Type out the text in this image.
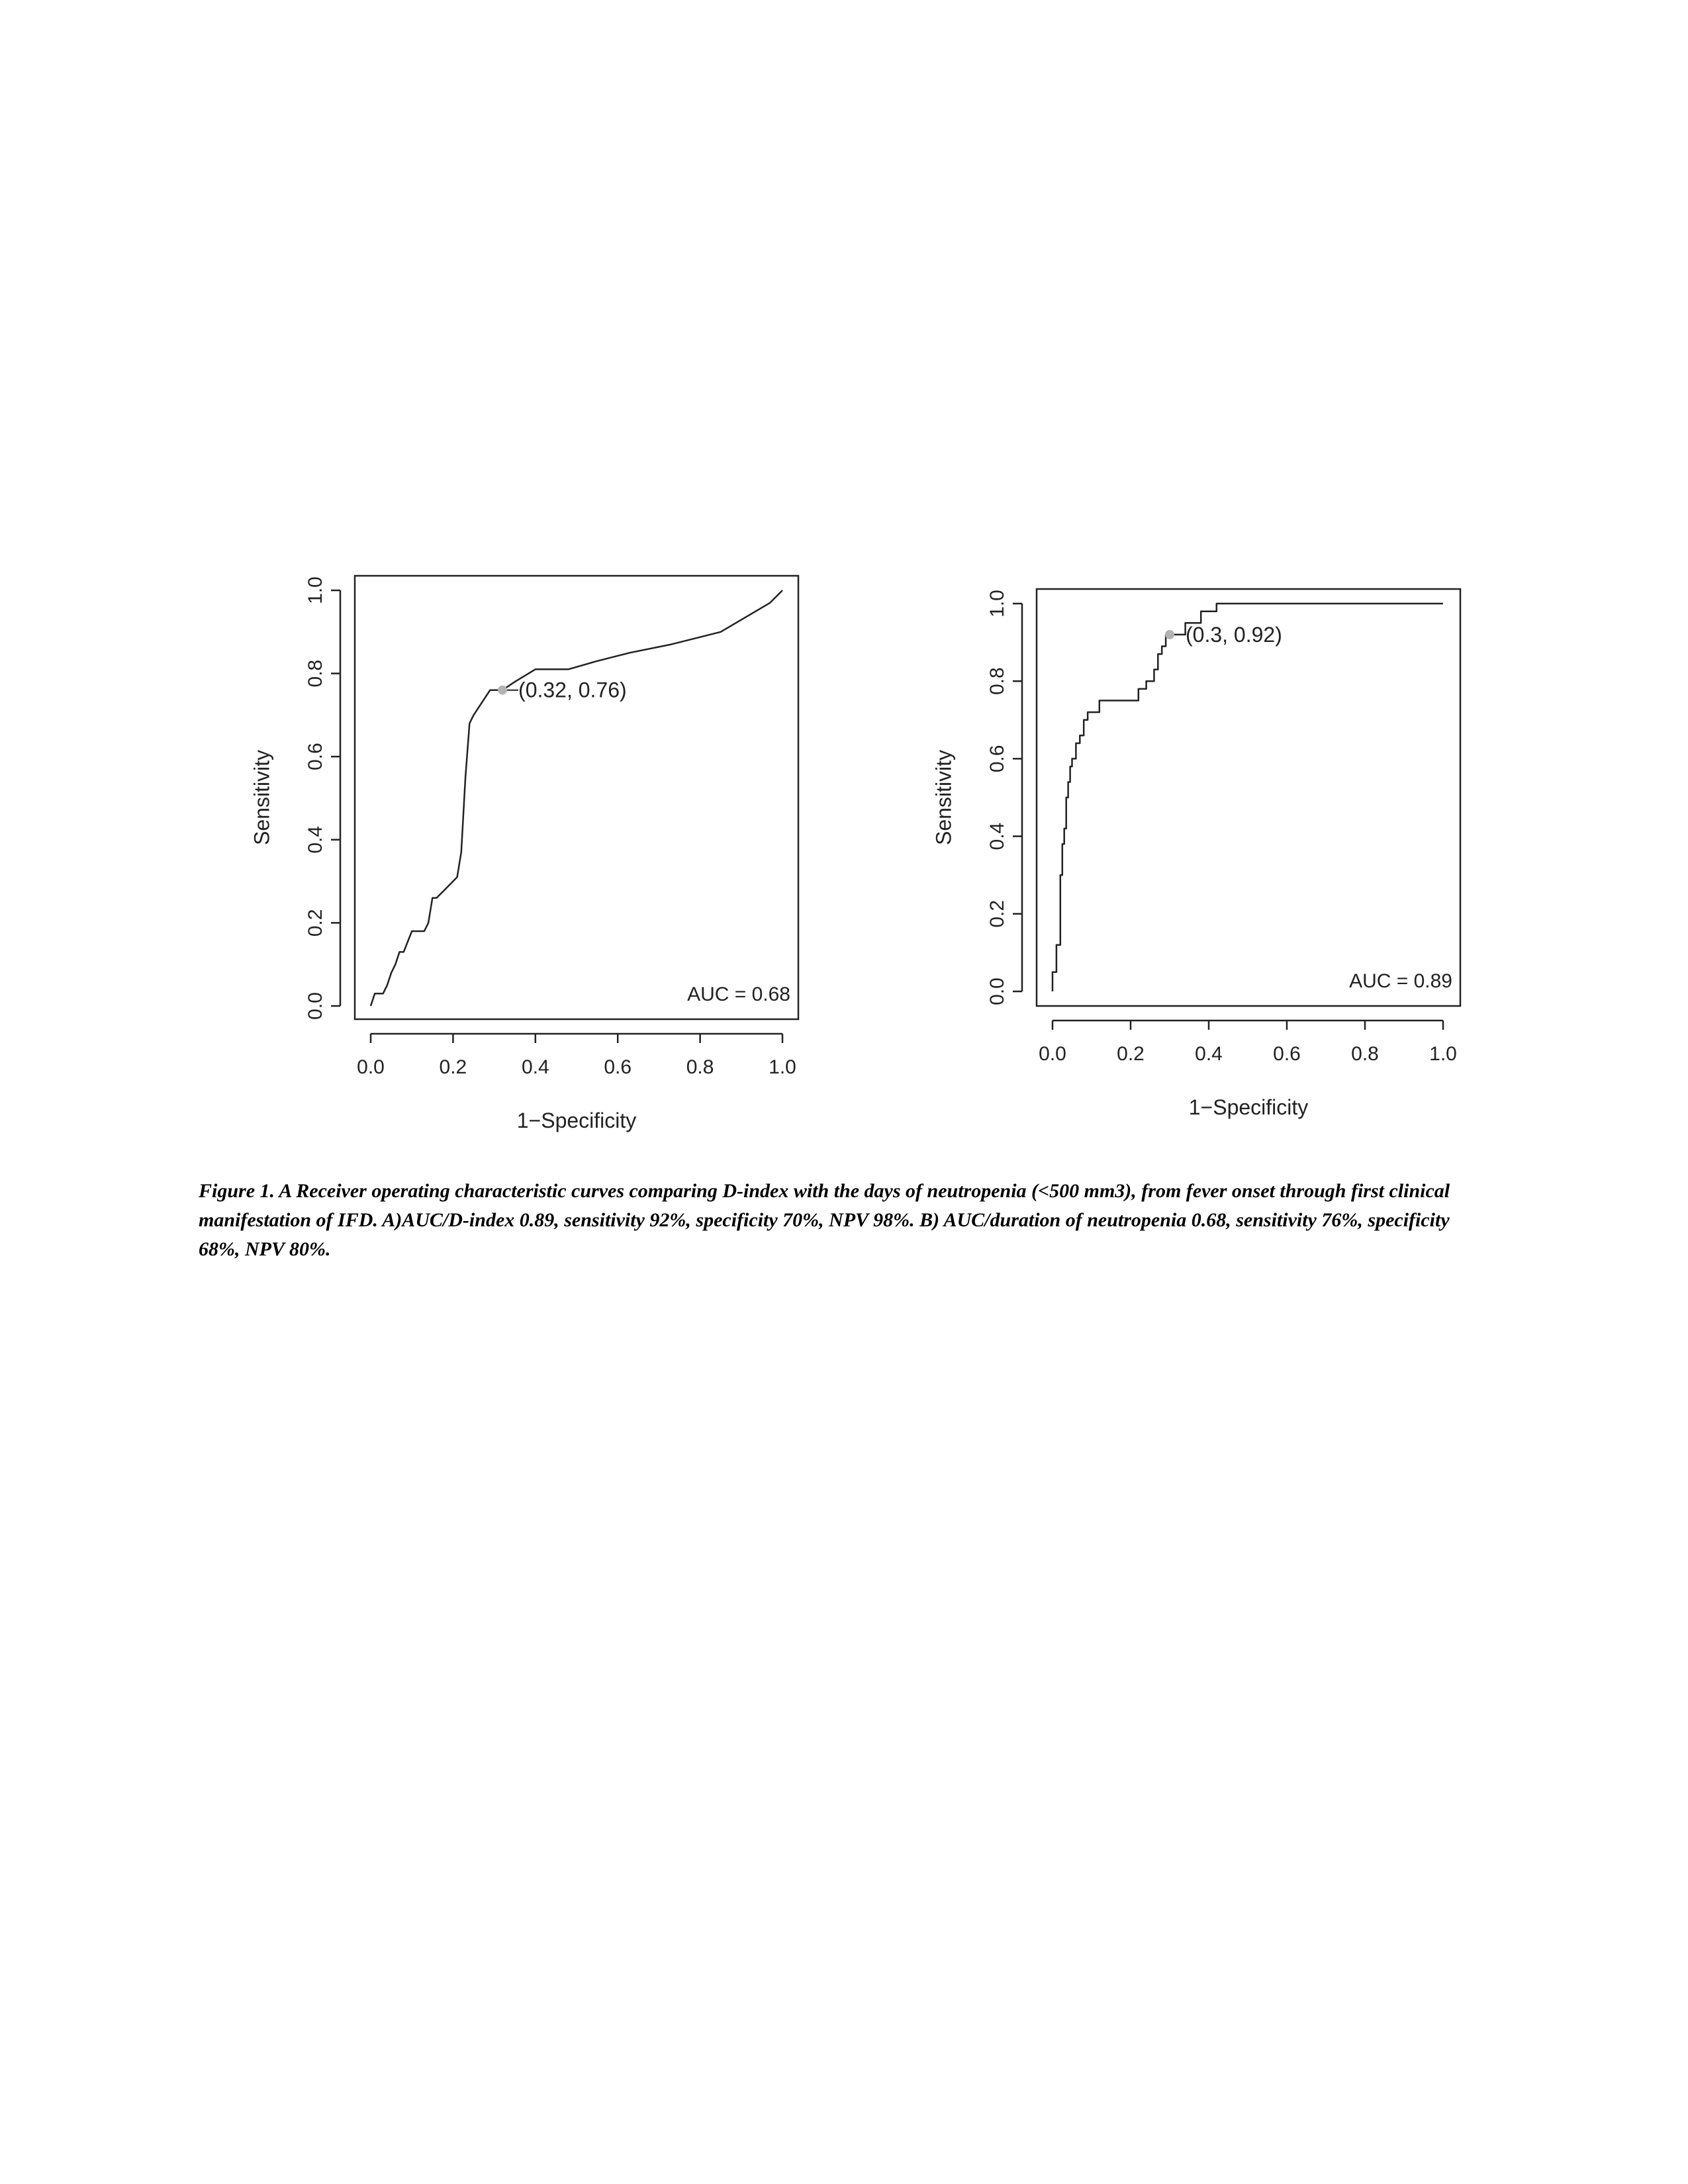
0.0	0.2	0.4	0.6	0.8	1.0
1−Specificity
0.0
0.2
0.4
0.6
0.8
1.0
Sensitivity
(0.32, 0.76)
AUC = 0.68
0.0	0.2	0.4	0.6	0.8	1.0
1−Specificity
0.0
0.2
0.4
0.6
0.8
1.0
Sensitivity
(0.3, 0.92)
AUC = 0.89

Figure 1. A Receiver operating characteristic curves comparing D-index with the days of neutropenia (<500 mm3), from fever onset through first clinical manifestation of IFD. A)AUC/D-index 0.89, sensitivity 92%, specificity 70%, NPV 98%. B) AUC/duration of neutropenia 0.68, sensitivity 76%, specificity 68%, NPV 80%.
